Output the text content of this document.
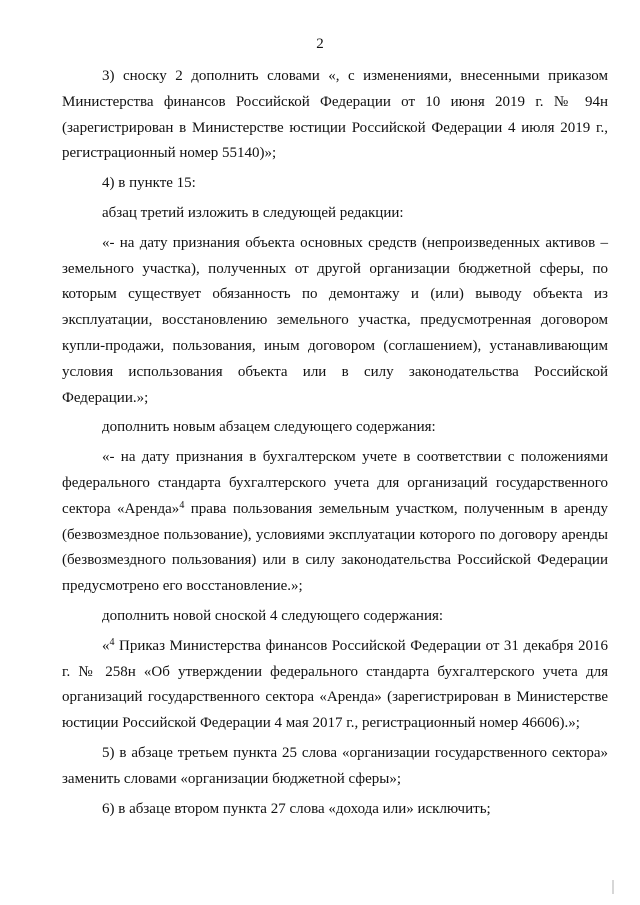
2

3) сноску 2 дополнить словами «, с изменениями, внесенными приказом Министерства финансов Российской Федерации от 10 июня 2019 г. № 94н (зарегистрирован в Министерстве юстиции Российской Федерации 4 июля 2019 г., регистрационный номер 55140)»;

4) в пункте 15:

абзац третий изложить в следующей редакции:

«- на дату признания объекта основных средств (непроизведенных активов – земельного участка), полученных от другой организации бюджетной сферы, по которым существует обязанность по демонтажу и (или) выводу объекта из эксплуатации, восстановлению земельного участка, предусмотренная договором купли-продажи, пользования, иным договором (соглашением), устанавливающим условия использования объекта или в силу законодательства Российской Федерации.»;

дополнить новым абзацем следующего содержания:

«- на дату признания в бухгалтерском учете в соответствии с положениями федерального стандарта бухгалтерского учета для организаций государственного сектора «Аренда»$^4$ права пользования земельным участком, полученным в аренду (безвозмездное пользование), условиями эксплуатации которого по договору аренды (безвозмездного пользования) или в силу законодательства Российской Федерации предусмотрено его восстановление.»;

дополнить новой сноской 4 следующего содержания:

«$^4$ Приказ Министерства финансов Российской Федерации от 31 декабря 2016 г. № 258н «Об утверждении федерального стандарта бухгалтерского учета для организаций государственного сектора «Аренда» (зарегистрирован в Министерстве юстиции Российской Федерации 4 мая 2017 г., регистрационный номер 46606).»;

5) в абзаце третьем пункта 25 слова «организации государственного сектора» заменить словами «организации бюджетной сферы»;

6) в абзаце втором пункта 27 слова «дохода или» исключить;
